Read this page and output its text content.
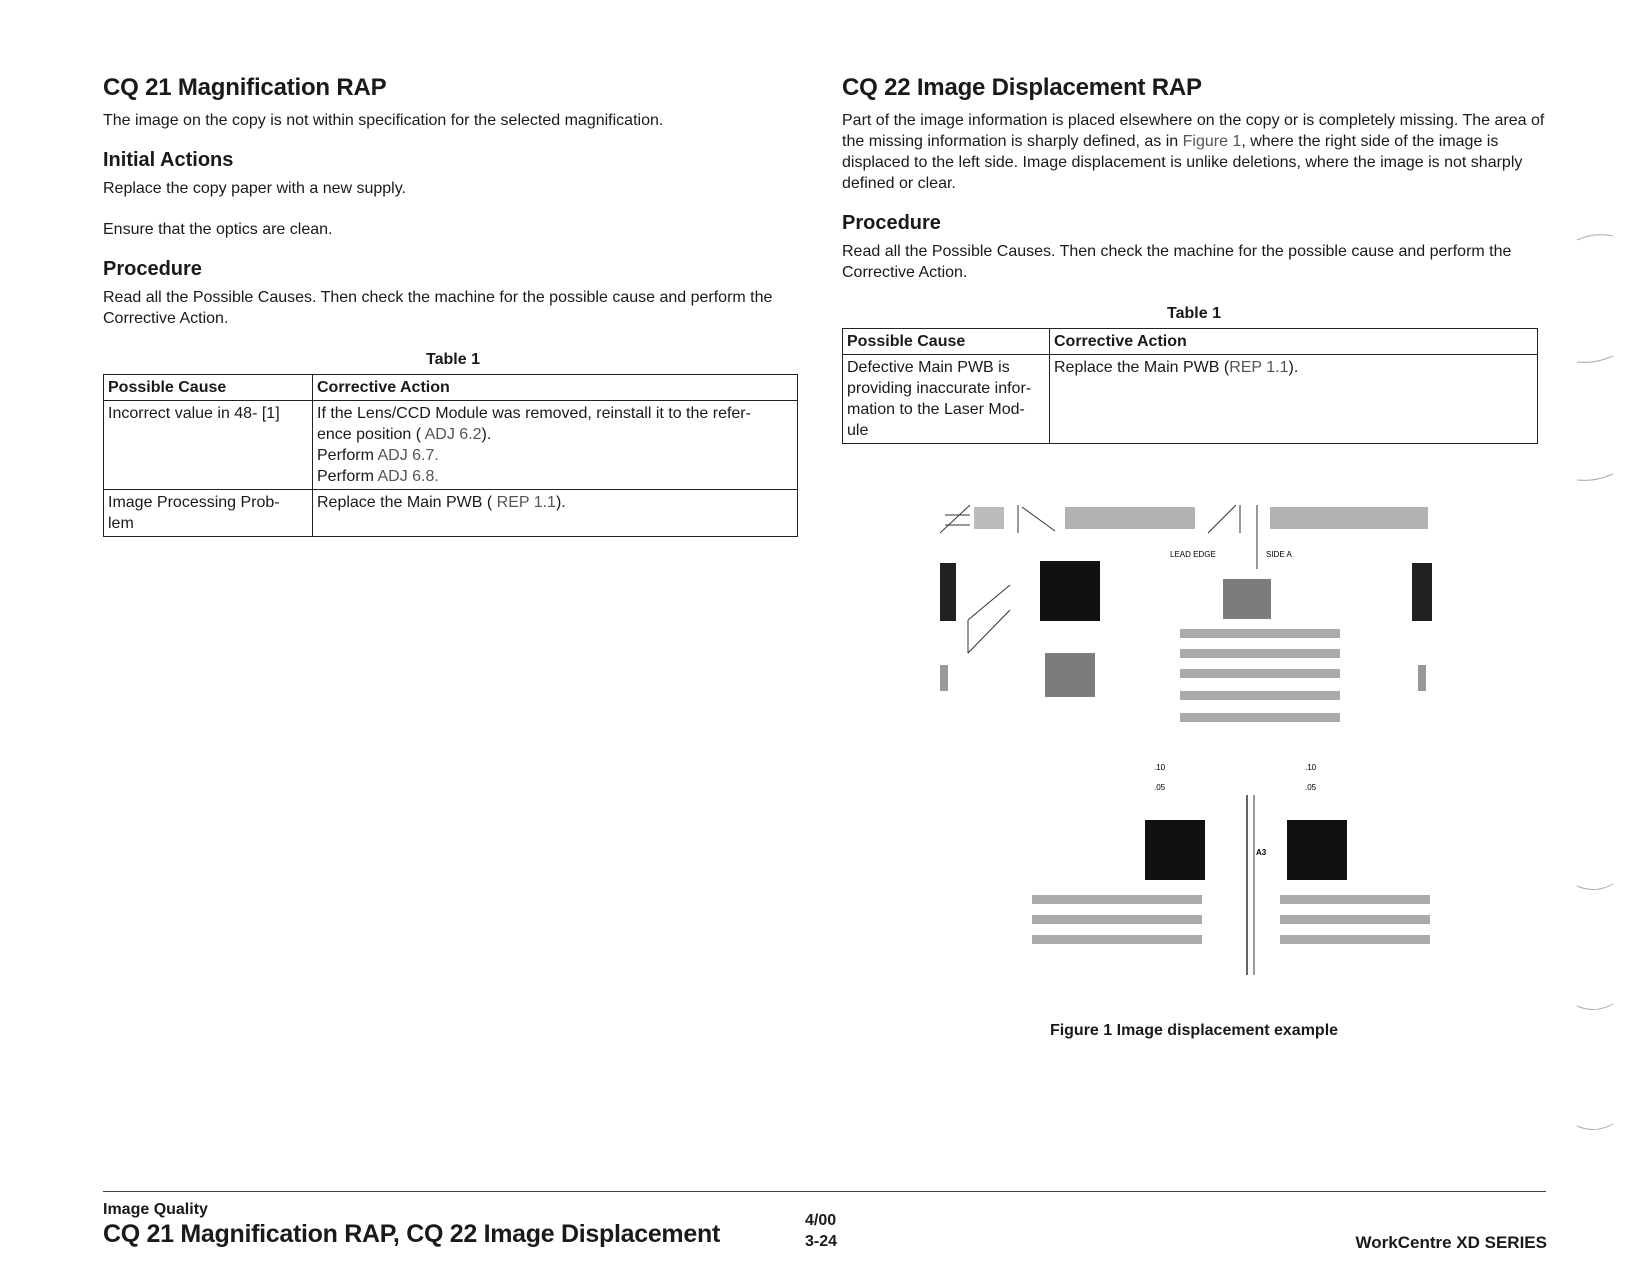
CQ 21 Magnification RAP

The image on the copy is not within specification for the selected magnification.

Initial Actions

Replace the copy paper with a new supply.

Ensure that the optics are clean.

Procedure

Read all the Possible Causes. Then check the machine for the possible cause and perform the Corrective Action.

Table 1
Possible Cause	Corrective Action
Incorrect value in 48- [1]	If the Lens/CCD Module was removed, reinstall it to the refer-
ence position ( ADJ 6.2).
Perform ADJ 6.7.
Perform ADJ 6.8.

Image Processing Prob-
lem	Replace the Main PWB ( REP 1.1).
CQ 22 Image Displacement RAP

Part of the image information is placed elsewhere on the copy or is completely missing. The area of the missing information is sharply defined, as in Figure 1, where the right side of the image is displaced to the left side. Image displacement is unlike deletions, where the image is not sharply defined or clear.

Procedure

Read all the Possible Causes. Then check the machine for the possible cause and perform the Corrective Action.

Table 1
Possible Cause	Corrective Action

Defective Main PWB is
providing inaccurate infor-
mation to the Laser Mod-
ule	Replace the Main PWB (REP 1.1).
LEAD EDGE	SIDE A
.10
.05
.10
.05
A3
Figure 1 Image displacement example
Image Quality
CQ 21 Magnification RAP, CQ 22 Image Displacement	4/00
3-24	WorkCentre XD SERIES
